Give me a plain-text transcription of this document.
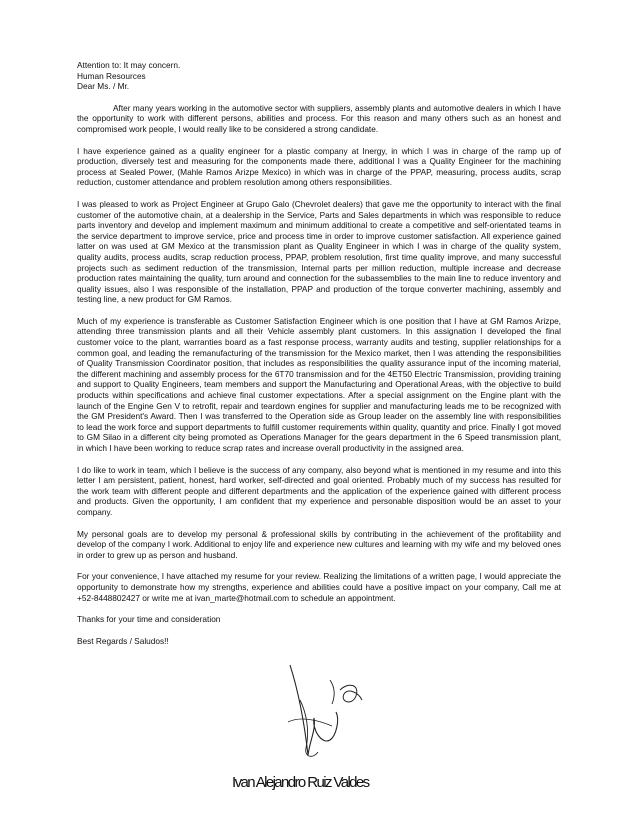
Attention to: It may concern.

Human Resources

Dear Ms. / Mr.

After many years working in the automotive sector with suppliers, assembly plants and automotive dealers in which I have the opportunity to work with different persons, abilities and process. For this reason and many others such as an honest and compromised work people, I would really like to be considered a strong candidate.

I have experience gained as a quality engineer for a plastic company at Inergy, in which I was in charge of the ramp up of production, diversely test and measuring for the components made there, additional I was a Quality Engineer for the machining process at Sealed Power, (Mahle Ramos Arizpe Mexico) in which was in charge of the PPAP, measuring, process audits, scrap reduction, customer attendance and problem resolution among others responsibilities.

I was pleased to work as Project Engineer at Grupo Galo (Chevrolet dealers) that gave me the opportunity to interact with the final customer of the automotive chain, at a dealership in the Service, Parts and Sales departments in which was responsible to reduce parts inventory and develop and implement maximum and minimum additional to create a competitive and self-orientated teams in the service department to improve service, price and process time in order to improve customer satisfaction. All experience gained latter on was used at GM Mexico at the transmission plant as Quality Engineer in which I was in charge of the quality system, quality audits, process audits, scrap reduction process, PPAP, problem resolution, first time quality improve, and many successful projects such as sediment reduction of the transmission, Internal parts per million reduction, multiple increase and decrease production rates maintaining the quality, turn around and connection for the subassemblies to the main line to reduce inventory and quality issues, also I was responsible of the installation, PPAP and production of the torque converter machining, assembly and testing line, a new product for GM Ramos.

Much of my experience is transferable as Customer Satisfaction Engineer which is one position that I have at GM Ramos Arizpe, attending three transmission plants and all their Vehicle assembly plant customers. In this assignation I developed the final customer voice to the plant, warranties board as a fast response process, warranty audits and testing, supplier relationships for a common goal, and leading the remanufacturing of the transmission for the Mexico market, then I was attending the responsibilities of Quality Transmission Coordinator position, that includes as responsibilities the quality assurance input of the incoming material, the different machining and assembly process for the 6T70 transmission and for the 4ET50 Electric Transmission, providing training and support to Quality Engineers, team members and support the Manufacturing and Operational Areas, with the objective to build products within specifications and achieve final customer expectations. After a special assignment on the Engine plant with the launch of the Engine Gen V to retrofit, repair and teardown engines for supplier and manufacturing leads me to be recognized with the GM President's Award. Then I was transferred to the Operation side as Group leader on the assembly line with responsibilities to lead the work force and support departments to fulfill customer requirements within quality, quantity and price. Finally I got moved to GM Silao in a different city being promoted as Operations Manager for the gears department in the 6 Speed transmission plant, in which I have been working to reduce scrap rates and increase overall productivity in the assigned area.

I do like to work in team, which I believe is the success of any company, also beyond what is mentioned in my resume and into this letter I am persistent, patient, honest, hard worker, self-directed and goal oriented. Probably much of my success has resulted for the work team with different people and different departments and the application of the experience gained with different process and products. Given the opportunity, I am confident that my experience and personable disposition would be an asset to your company.

My personal goals are to develop my personal & professional skills by contributing in the achievement of the profitability and develop of the company I work. Additional to enjoy life and experience new cultures and learning with my wife and my beloved ones in order to grew up as person and husband.

For your convenience, I have attached my resume for your review. Realizing the limitations of a written page, I would appreciate the opportunity to demonstrate how my strengths, experience and abilities could have a positive impact on your company, Call me at +52-8448802427 or write me at ivan_marte@hotmail.com to schedule an appointment.

Thanks for your time and consideration

Best Regards / Saludos!!

Ivan Alejandro Ruiz Valdes
